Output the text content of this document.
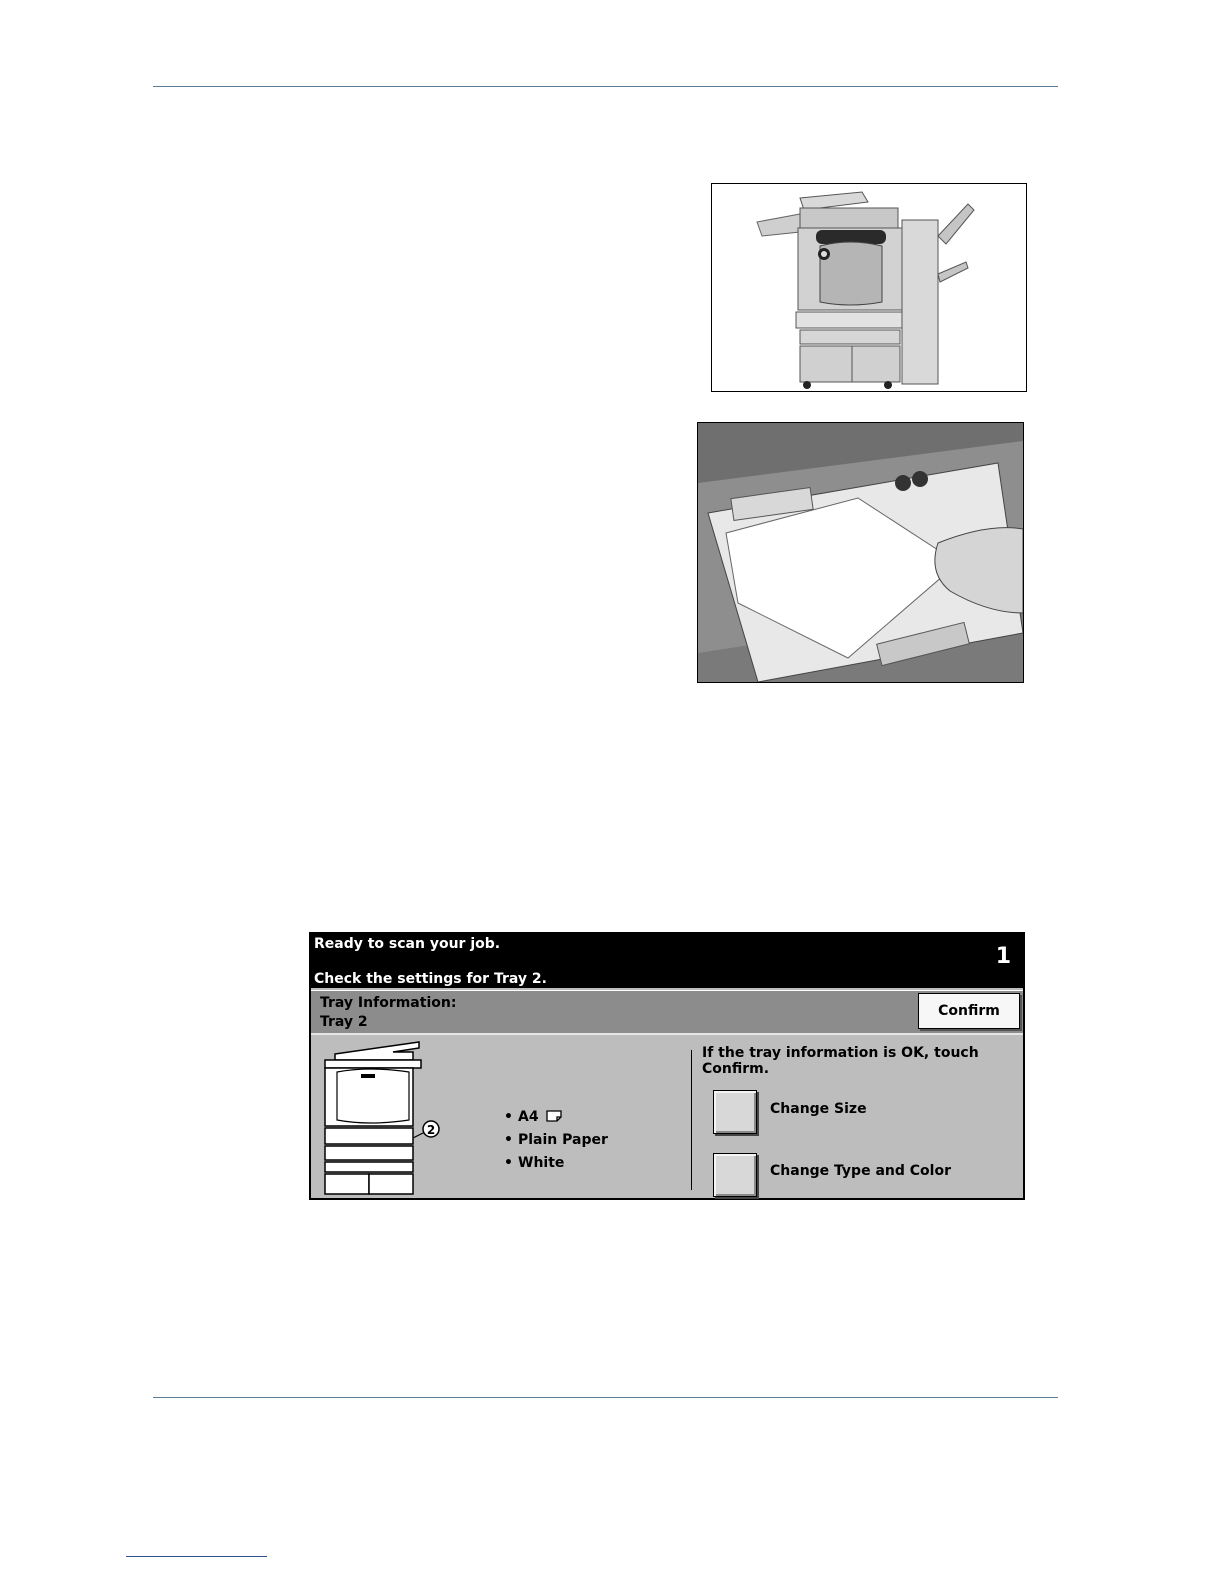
Ready to scan your job.
Check the settings for Tray 2.
1
Tray Information:
Tray 2
Confirm
2
• A4
• Plain Paper
• White
If the tray information is OK, touch Confirm.
Change Size
Change Type and Color
